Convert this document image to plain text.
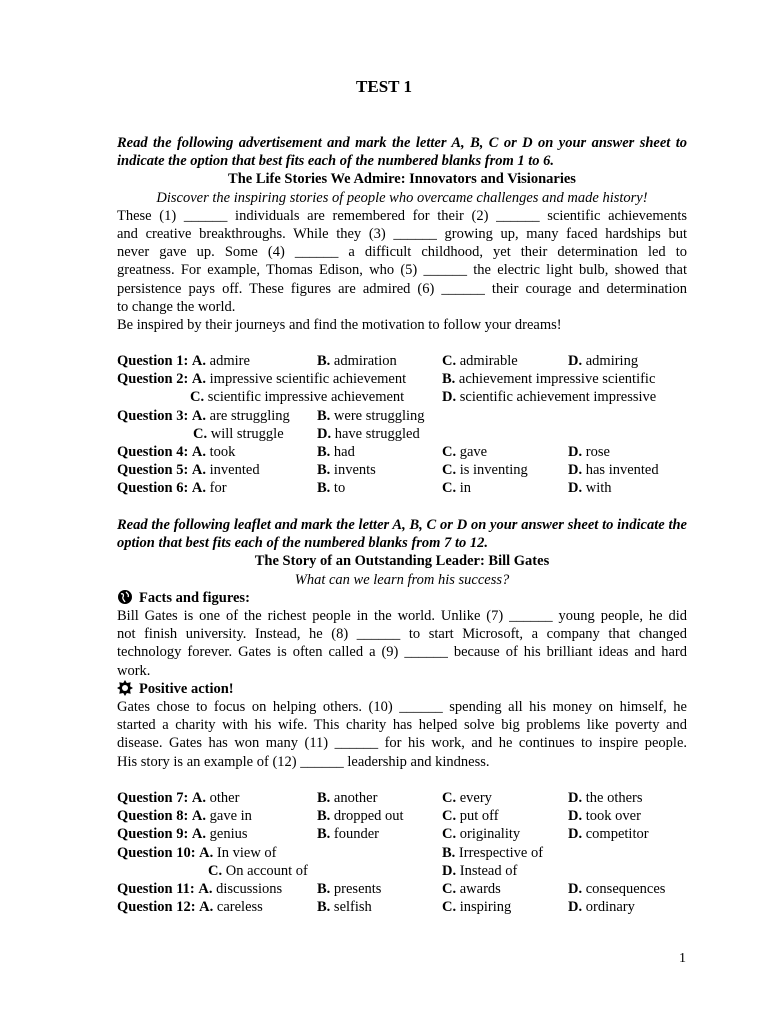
TEST 1
Read the following advertisement and mark the letter A, B, C or D on your answer sheet to indicate the option that best fits each of the numbered blanks from 1 to 6.
The Life Stories We Admire: Innovators and Visionaries
Discover the inspiring stories of people who overcame challenges and made history!
These (1) ______ individuals are remembered for their (2) ______ scientific achievements
and creative breakthroughs. While they (3) ______ growing up, many faced hardships but
never gave up. Some (4) ______ a difficult childhood, yet their determination led to
greatness. For example, Thomas Edison, who (5) ______ the electric light bulb, showed that
persistence pays off. These figures are admired (6) ______ their courage and determination
to change the world.
Be inspired by their journeys and find the motivation to follow your dreams!
Question 1: A. admire	B. admiration	C. admirable	D. admiring
Question 2: A. impressive scientific achievement B. achievement impressive scientific
C. scientific impressive achievement	D. scientific achievement impressive
Question 3: A. are struggling B. were struggling
C. will struggle D. have struggled
Question 4: A. took	B. had	C. gave	D. rose
Question 5: A. invented	B. invents	C. is inventing	D. has invented
Question 6: A. for	B. to	C. in	D. with
Read the following leaflet and mark the letter A, B, C or D on your answer sheet to indicate the option that best fits each of the numbered blanks from 7 to 12.
The Story of an Outstanding Leader: Bill Gates
What can we learn from his success?
Facts and figures:
Bill Gates is one of the richest people in the world. Unlike (7) ______ young people, he did
not finish university. Instead, he (8) ______ to start Microsoft, a company that changed
technology forever. Gates is often called a (9) ______ because of his brilliant ideas and hard
work.
Positive action!
Gates chose to focus on helping others. (10) ______ spending all his money on himself, he
started a charity with his wife. This charity has helped solve big problems like poverty and
disease. Gates has won many (11) ______ for his work, and he continues to inspire people.
His story is an example of (12) ______ leadership and kindness.
Question 7: A. other	B. another	C. every	D. the others
Question 8: A. gave in	B. dropped out	C. put off	D. took over
Question 9: A. genius	B. founder	C. originality	D. competitor
Question 10: A. In view of	B. Irrespective of
C. On account of	D. Instead of
Question 11: A. discussions B. presents	C. awards	D. consequences
Question 12: A. careless	B. selfish	C. inspiring	D. ordinary
1
